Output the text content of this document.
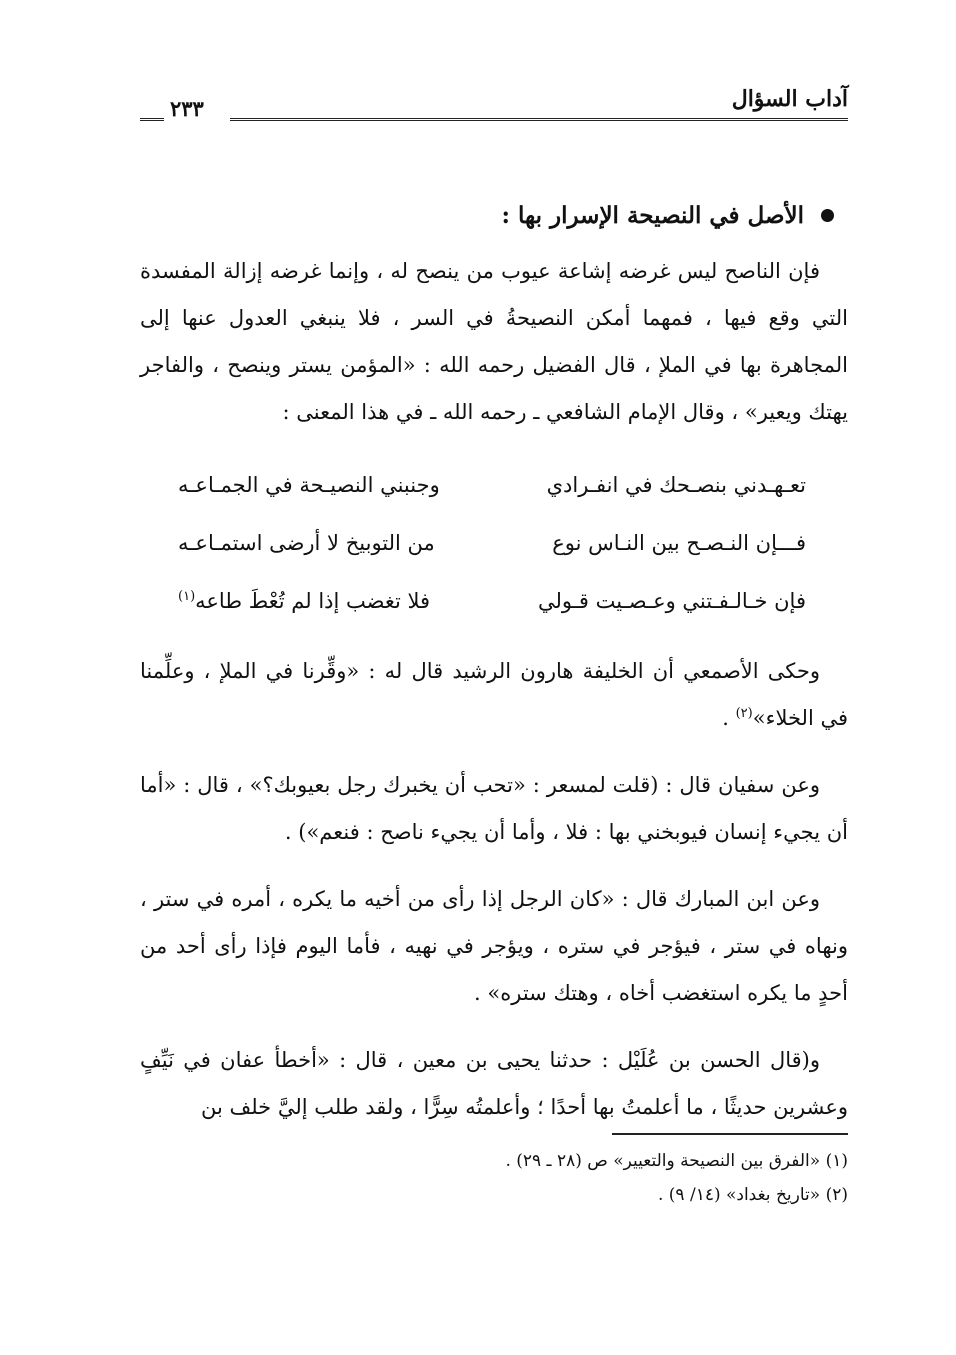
آداب السؤال
٢٣٣
الأصل في النصيحة الإسرار بها :

فإن الناصح ليس غرضه إشاعة عيوب من ينصح له ، وإنما غرضه إزالة المفسدة التي وقع فيها ، فمهما أمكن النصيحةُ في السر ، فلا ينبغي العدول عنها إلى المجاهرة بها في الملإ ، قال الفضيل رحمه الله : «المؤمن يستر وينصح ، والفاجر يهتك ويعير» ، وقال الإمام الشافعي ـ رحمه الله ـ في هذا المعنى :

تعـهـدني بنصـحك في انفـرادي
وجنبني النصيـحة في الجمـاعـه
فـــإن النـصـح بين النـاس نوع
من التوبيخ لا أرضى استمـاعـه
فإن خـالـفـتني وعـصـيت قـولي
فلا تغضب إذا لم تُعْطَ طاعه$^{(١)}$

وحكى الأصمعي أن الخليفة هارون الرشيد قال له : «وقِّرنا في الملإ ، وعلِّمنا في الخلاء»$^{(٢)}$ .

وعن سفيان قال : (قلت لمسعر : «تحب أن يخبرك رجل بعيوبك؟» ، قال : «أما أن يجيء إنسان فيوبخني بها : فلا ، وأما أن يجيء ناصح : فنعم») .

وعن ابن المبارك قال : «كان الرجل إذا رأى من أخيه ما يكره ، أمره في ستر ، ونهاه في ستر ، فيؤجر في ستره ، ويؤجر في نهيه ، فأما اليوم فإذا رأى أحد من أحدٍ ما يكره استغضب أخاه ، وهتك ستره» .

و(قال الحسن بن عُلَيْل : حدثنا يحيى بن معين ، قال : «أخطأ عفان في نَيِّفٍ وعشرين حديثًا ، ما أعلمتُ بها أحدًا ؛ وأعلمتُه سِرًّا ، ولقد طلب إليَّ خلف بن

(١) «الفرق بين النصيحة والتعيير» ص (٢٨ ـ ٢٩) .
(٢) «تاريخ بغداد» (١٤/ ٩) .
